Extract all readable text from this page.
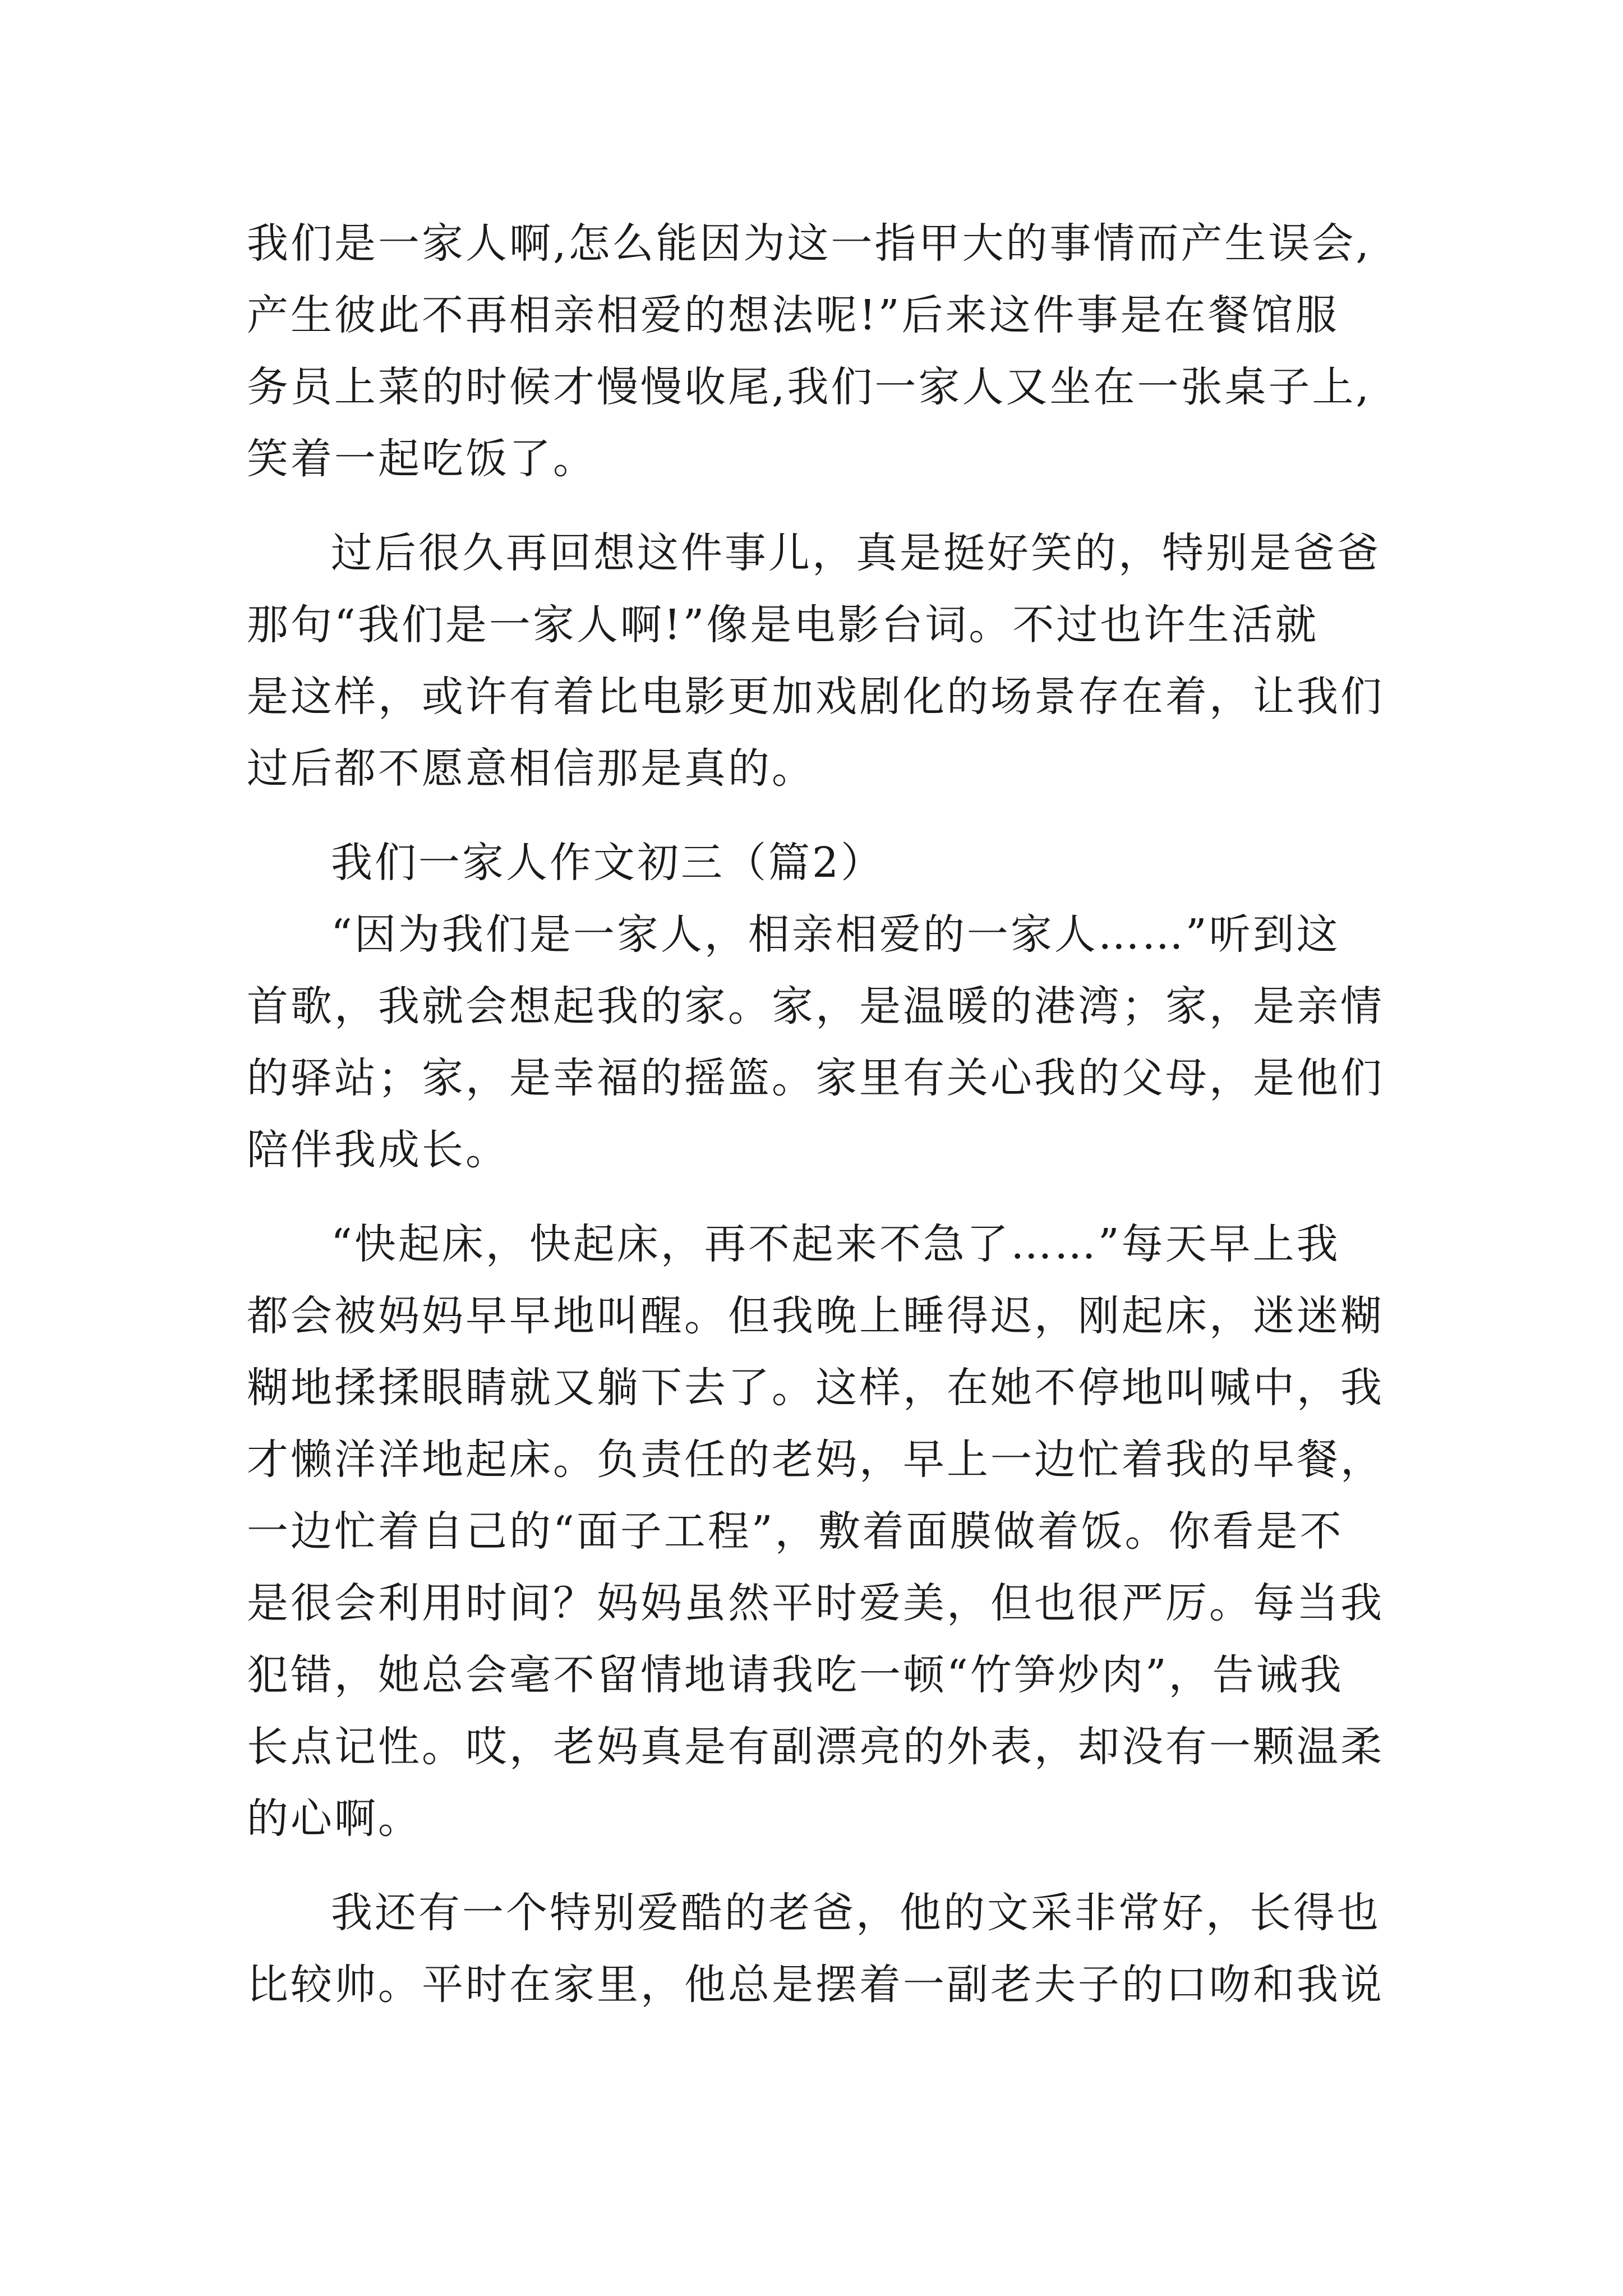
我们是一家人啊,怎么能因为这一指甲大的事情而产生误会,
产生彼此不再相亲相爱的想法呢!”后来这件事是在餐馆服
务员上菜的时候才慢慢收尾,我们一家人又坐在一张桌子上,
笑着一起吃饭了。
过后很久再回想这件事儿，真是挺好笑的，特别是爸爸
那句“我们是一家人啊!”像是电影台词。不过也许生活就
是这样，或许有着比电影更加戏剧化的场景存在着，让我们
过后都不愿意相信那是真的。
我们一家人作文初三（篇2）
“因为我们是一家人，相亲相爱的一家人……”听到这
首歌，我就会想起我的家。家，是温暖的港湾；家，是亲情
的驿站；家，是幸福的摇篮。家里有关心我的父母，是他们
陪伴我成长。
“快起床，快起床，再不起来不急了……”每天早上我
都会被妈妈早早地叫醒。但我晚上睡得迟，刚起床，迷迷糊
糊地揉揉眼睛就又躺下去了。这样，在她不停地叫喊中，我
才懒洋洋地起床。负责任的老妈，早上一边忙着我的早餐，
一边忙着自己的“面子工程”，敷着面膜做着饭。你看是不
是很会利用时间？妈妈虽然平时爱美，但也很严厉。每当我
犯错，她总会毫不留情地请我吃一顿“竹笋炒肉”，告诫我
长点记性。哎，老妈真是有副漂亮的外表，却没有一颗温柔
的心啊。
我还有一个特别爱酷的老爸，他的文采非常好，长得也
比较帅。平时在家里，他总是摆着一副老夫子的口吻和我说
